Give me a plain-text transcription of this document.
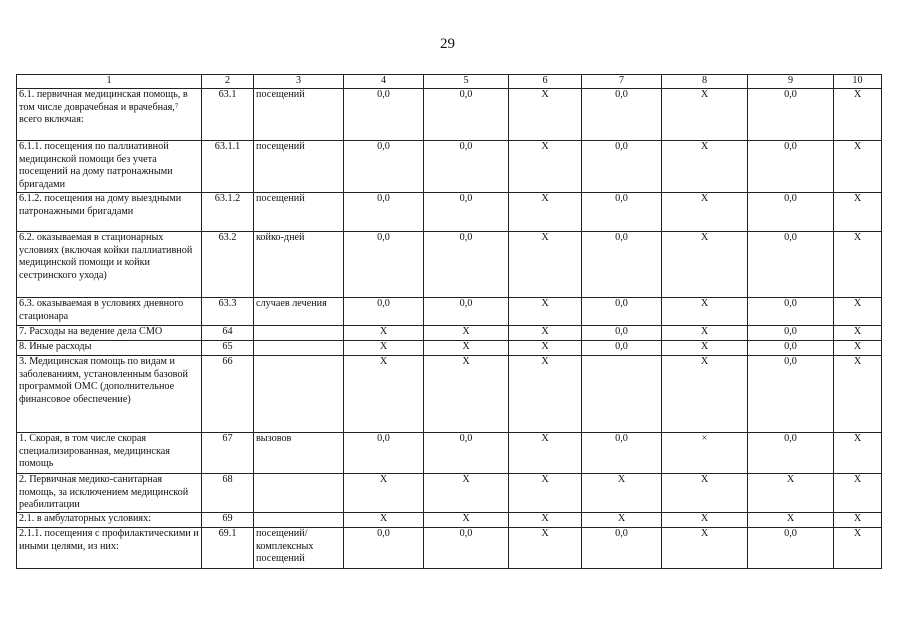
29
1	2	3	4	5	6	7	8	9	10
6.1. первичная медицинская помощь, в том числе доврачебная и врачебная,⁷ всего включая:	63.1	посещений	0,0	0,0	X	0,0	X	0,0	X
6.1.1. посещения по паллиативной медицинской помощи без учета посещений на дому патронажными бригадами	63.1.1	посещений	0,0	0,0	X	0,0	X	0,0	X
6.1.2. посещения на дому выездными патронажными бригадами	63.1.2	посещений	0,0	0,0	X	0,0	X	0,0	X
6.2. оказываемая в стационарных условиях (включая койки паллиативной медицинской помощи и койки сестринского ухода)	63.2	койко-дней	0,0	0,0	X	0,0	X	0,0	X
6.3. оказываемая в условиях дневного стационара	63.3	случаев лечения	0,0	0,0	X	0,0	X	0,0	X
7. Расходы на ведение дела СМО	64		X	X	X	0,0	X	0,0	X
8. Иные расходы	65		X	X	X	0,0	X	0,0	X
3. Медицинская помощь по видам и заболеваниям, установленным базовой программой ОМС (дополнительное финансовое обеспечение)	66		X	X	X		X	0,0	X
1. Скорая, в том числе скорая специализированная, медицинская помощь	67	вызовов	0,0	0,0	X	0,0	×	0,0	X
2. Первичная медико-санитарная помощь, за исключением медицинской реабилитации	68		X	X	X	X	X	X	X
2.1. в амбулаторных условиях:	69		X	X	X	X	X	X	X
2.1.1. посещения с профилактическими и иными целями, из них:	69.1	посещений/ комплексных посещений	0,0	0,0	X	0,0	X	0,0	X
